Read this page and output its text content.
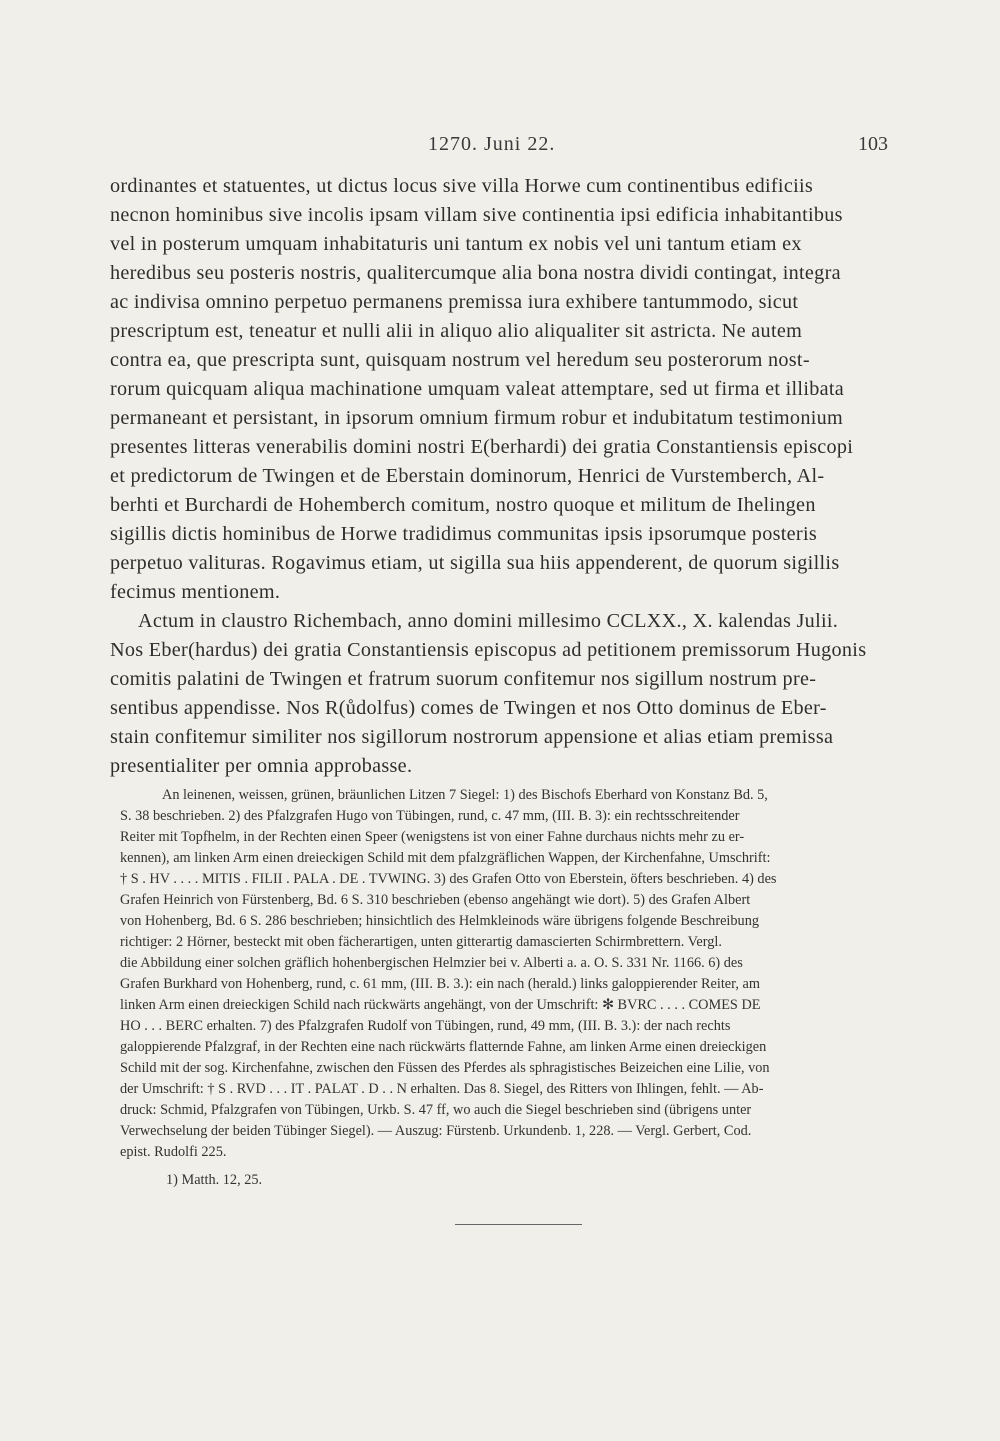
1270. Juni 22.	103
ordinantes et statuentes, ut dictus locus sive villa Horwe cum continentibus edificiis
necnon hominibus sive incolis ipsam villam sive continentia ipsi edificia inhabitantibus
vel in posterum umquam inhabitaturis uni tantum ex nobis vel uni tantum etiam ex
heredibus seu posteris nostris, qualitercumque alia bona nostra dividi contingat, integra
ac indivisa omnino perpetuo permanens premissa iura exhibere tantummodo, sicut
prescriptum est, teneatur et nulli alii in aliquo alio aliqualiter sit astricta. Ne autem
contra ea, que prescripta sunt, quisquam nostrum vel heredum seu posterorum nost-
rorum quicquam aliqua machinatione umquam valeat attemptare, sed ut firma et illibata
permaneant et persistant, in ipsorum omnium firmum robur et indubitatum testimonium
presentes litteras venerabilis domini nostri E(berhardi) dei gratia Constantiensis episcopi
et predictorum de Twingen et de Eberstain dominorum, Henrici de Vurstemberch, Al-
berhti et Burchardi de Hohemberch comitum, nostro quoque et militum de Ihelingen
sigillis dictis hominibus de Horwe tradidimus communitas ipsis ipsorumque posteris
perpetuo valituras. Rogavimus etiam, ut sigilla sua hiis appenderent, de quorum sigillis
fecimus mentionem.
Actum in claustro Richembach, anno domini millesimo CCLXX., X. kalendas Julii.
Nos Eber(hardus) dei gratia Constantiensis episcopus ad petitionem premissorum Hugonis
comitis palatini de Twingen et fratrum suorum confitemur nos sigillum nostrum pre-
sentibus appendisse. Nos R(ůdolfus) comes de Twingen et nos Otto dominus de Eber-
stain confitemur similiter nos sigillorum nostrorum appensione et alias etiam premissa
presentialiter per omnia approbasse.
An leinenen, weissen, grünen, bräunlichen Litzen 7 Siegel: 1) des Bischofs Eberhard von Konstanz Bd. 5,
S. 38 beschrieben. 2) des Pfalzgrafen Hugo von Tübingen, rund, c. 47 mm, (III. B. 3): ein rechtsschreitender
Reiter mit Topfhelm, in der Rechten einen Speer (wenigstens ist von einer Fahne durchaus nichts mehr zu er-
kennen), am linken Arm einen dreieckigen Schild mit dem pfalzgräflichen Wappen, der Kirchenfahne, Umschrift:
† S . HV . . . . MITIS . FILII . PALA . DE . TVWING. 3) des Grafen Otto von Eberstein, öfters beschrieben. 4) des
Grafen Heinrich von Fürstenberg, Bd. 6 S. 310 beschrieben (ebenso angehängt wie dort). 5) des Grafen Albert
von Hohenberg, Bd. 6 S. 286 beschrieben; hinsichtlich des Helmkleinods wäre übrigens folgende Beschreibung
richtiger: 2 Hörner, besteckt mit oben fächerartigen, unten gitterartig damascierten Schirmbrettern. Vergl.
die Abbildung einer solchen gräflich hohenbergischen Helmzier bei v. Alberti a. a. O. S. 331 Nr. 1166. 6) des
Grafen Burkhard von Hohenberg, rund, c. 61 mm, (III. B. 3.): ein nach (herald.) links galoppierender Reiter, am
linken Arm einen dreieckigen Schild nach rückwärts angehängt, von der Umschrift: ✻ BVRC . . . . COMES DE
HO . . . BERC erhalten. 7) des Pfalzgrafen Rudolf von Tübingen, rund, 49 mm, (III. B. 3.): der nach rechts
galoppierende Pfalzgraf, in der Rechten eine nach rückwärts flatternde Fahne, am linken Arme einen dreieckigen
Schild mit der sog. Kirchenfahne, zwischen den Füssen des Pferdes als sphragistisches Beizeichen eine Lilie, von
der Umschrift: † S . RVD . . . IT . PALAT . D . . N erhalten. Das 8. Siegel, des Ritters von Ihlingen, fehlt. — Ab-
druck: Schmid, Pfalzgrafen von Tübingen, Urkb. S. 47 ff, wo auch die Siegel beschrieben sind (übrigens unter
Verwechselung der beiden Tübinger Siegel). — Auszug: Fürstenb. Urkundenb. 1, 228. — Vergl. Gerbert, Cod.
epist. Rudolfi 225.
1) Matth. 12, 25.
